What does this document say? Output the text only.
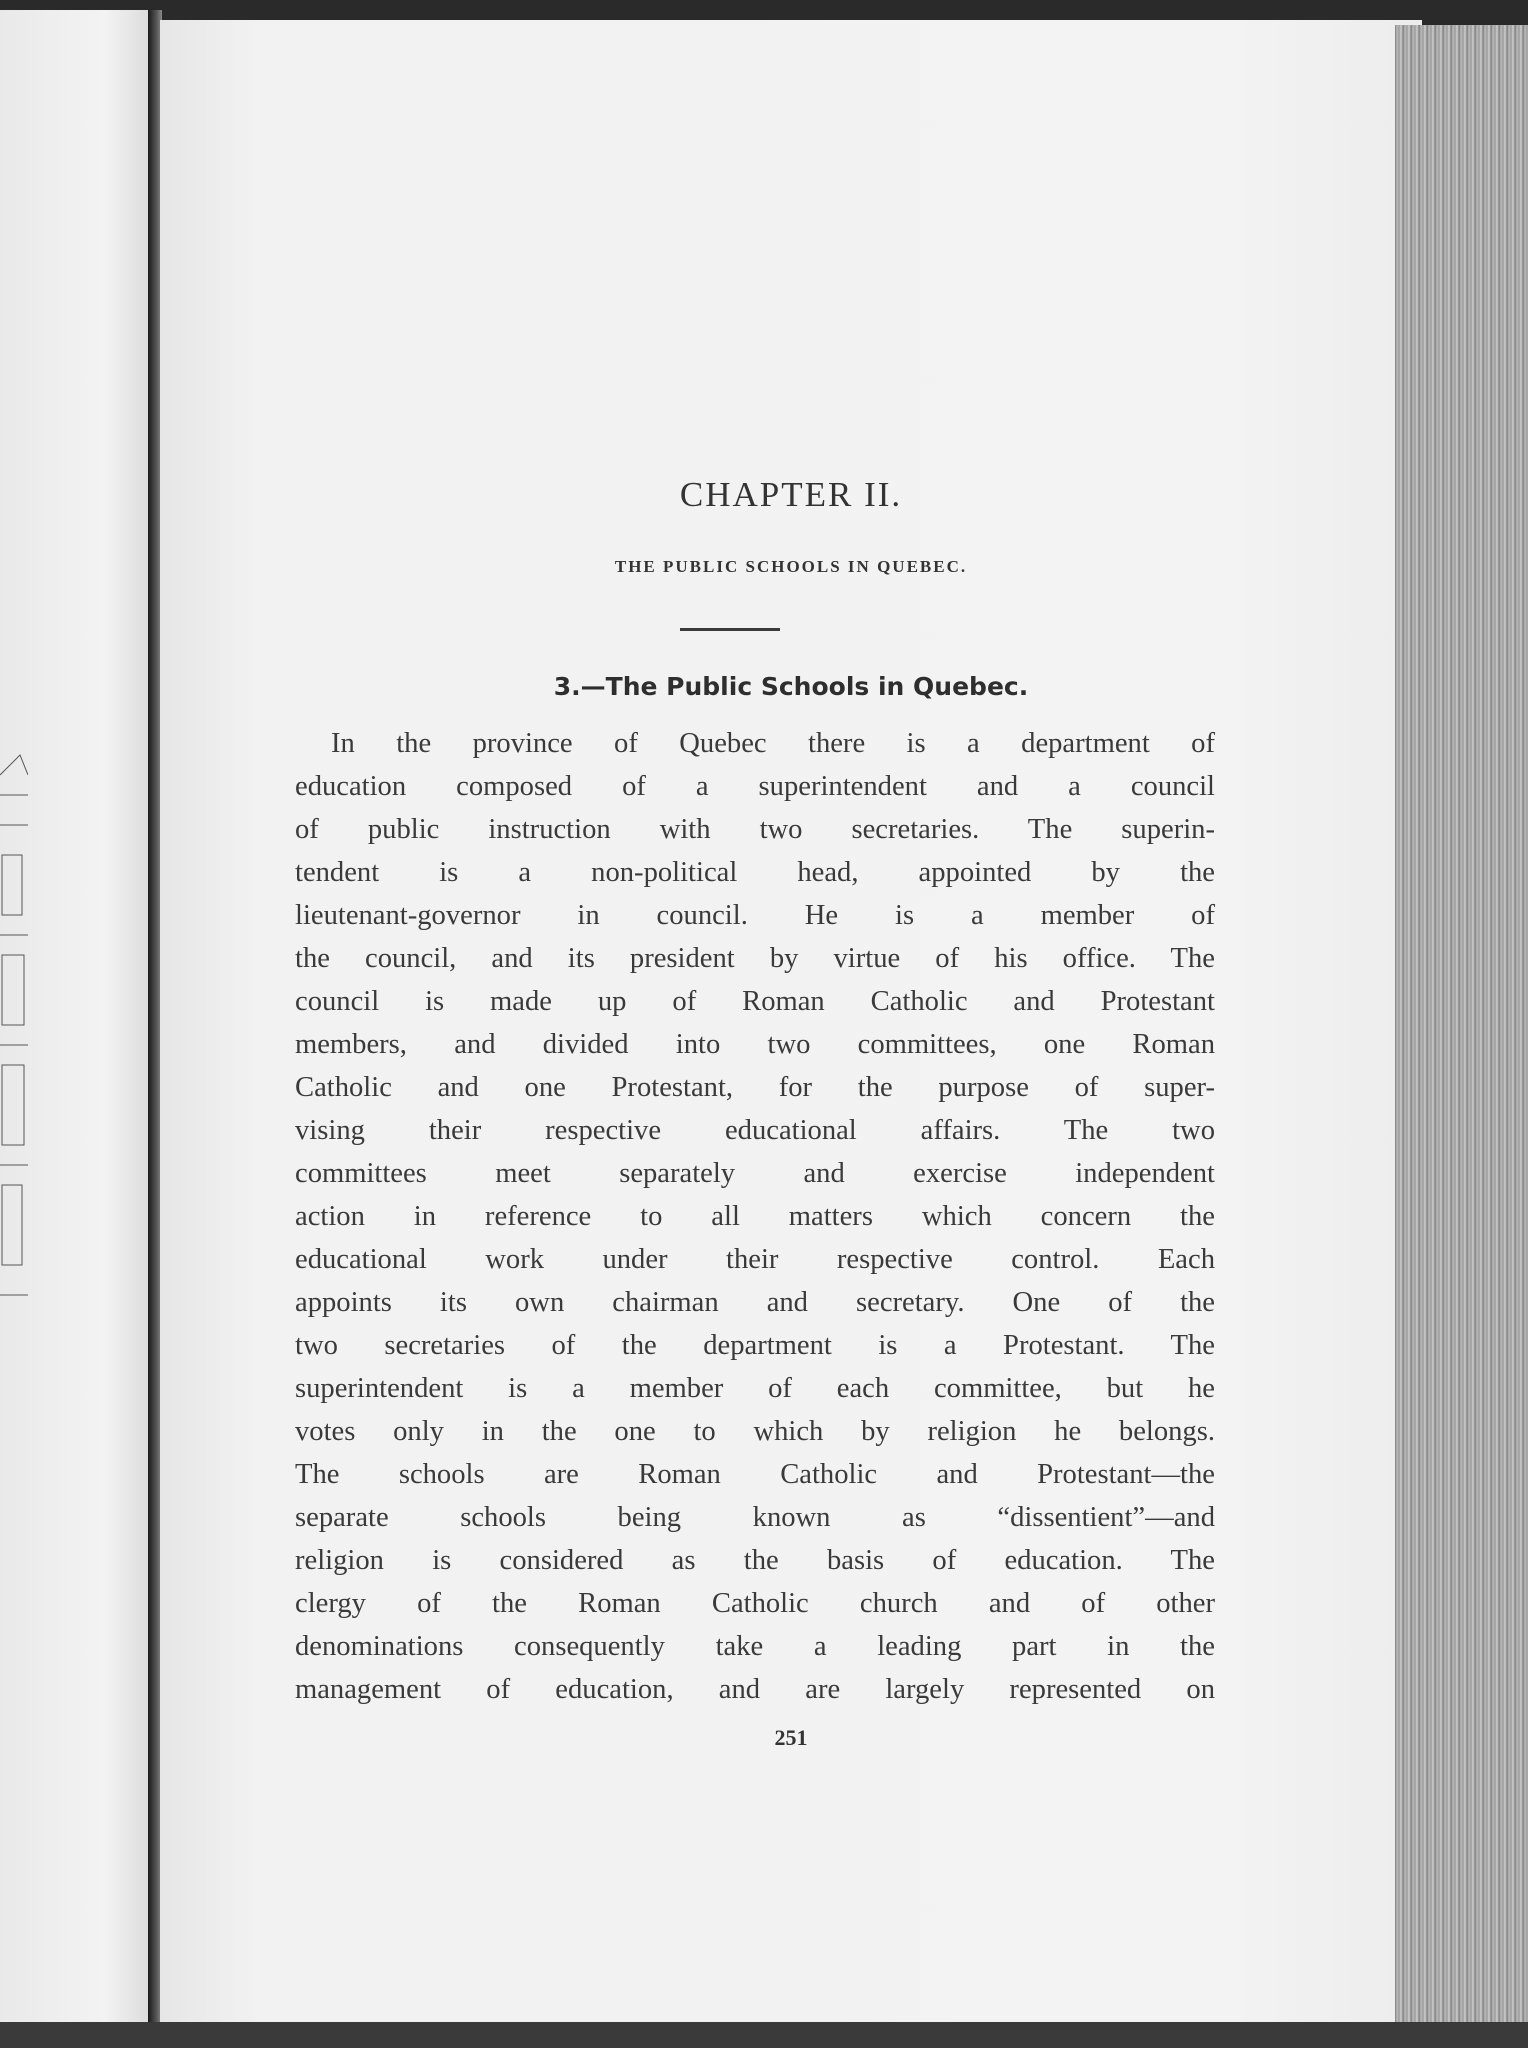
CHAPTER II.
THE PUBLIC SCHOOLS IN QUEBEC.
3.—The Public Schools in Quebec.
In the province of Quebec there is a department of
education composed of a superintendent and a council
of public instruction with two secretaries. The superin-
tendent is a non-political head, appointed by the
lieutenant-governor in council. He is a member of
the council, and its president by virtue of his office. The
council is made up of Roman Catholic and Protestant
members, and divided into two committees, one Roman
Catholic and one Protestant, for the purpose of super-
vising their respective educational affairs. The two
committees meet separately and exercise independent
action in reference to all matters which concern the
educational work under their respective control. Each
appoints its own chairman and secretary. One of the
two secretaries of the department is a Protestant. The
superintendent is a member of each committee, but he
votes only in the one to which by religion he belongs.
The schools are Roman Catholic and Protestant—the
separate schools being known as “dissentient”—and
religion is considered as the basis of education. The
clergy of the Roman Catholic church and of other
denominations consequently take a leading part in the
management of education, and are largely represented on
251
